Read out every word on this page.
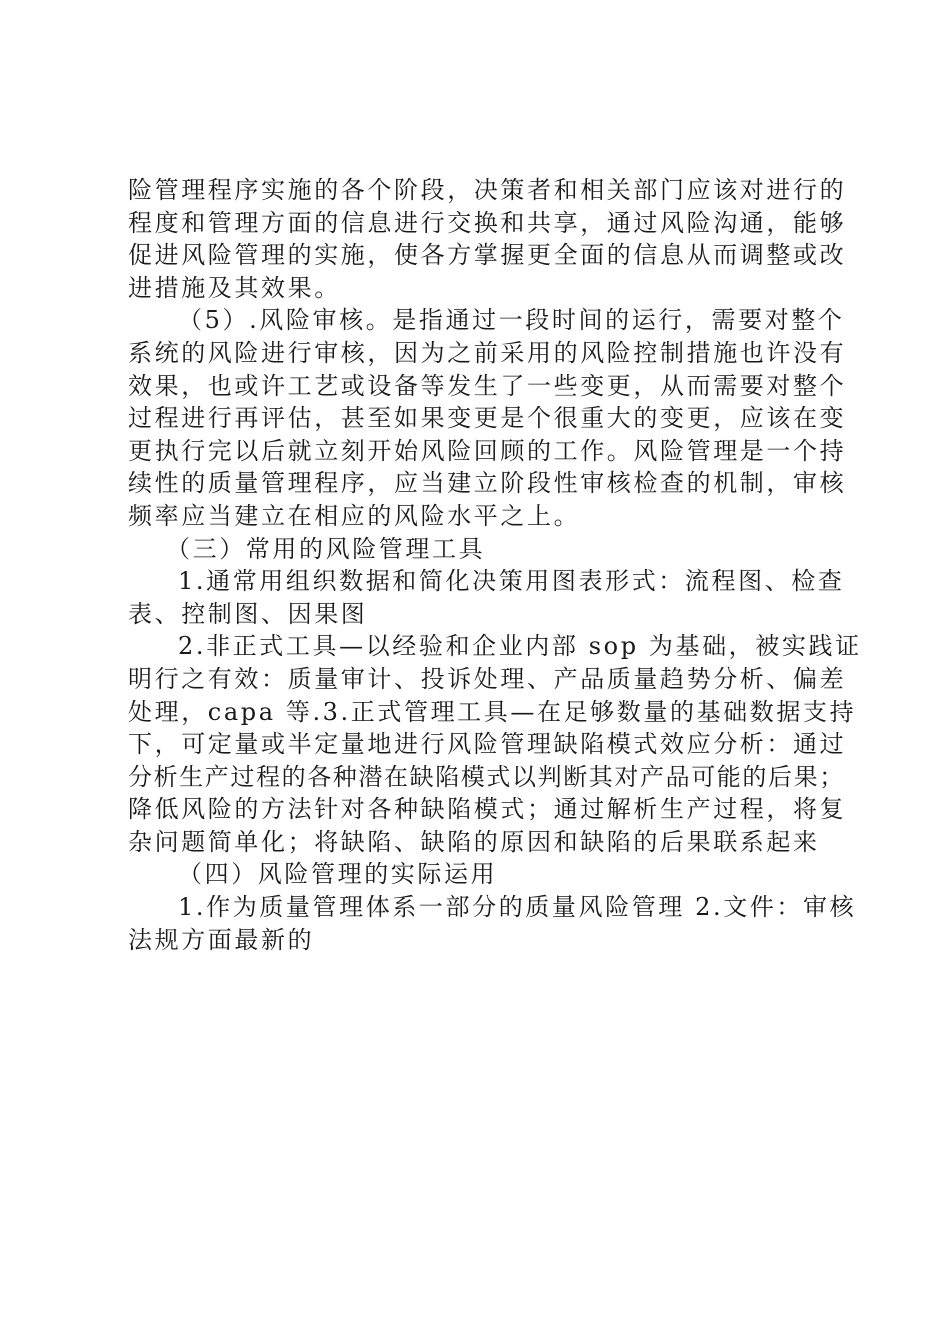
险管理程序实施的各个阶段，决策者和相关部门应该对进行的
程度和管理方面的信息进行交换和共享，通过风险沟通，能够
促进风险管理的实施，使各方掌握更全面的信息从而调整或改
进措施及其效果。

（5）.风险审核。是指通过一段时间的运行，需要对整个
系统的风险进行审核，因为之前采用的风险控制措施也许没有
效果，也或许工艺或设备等发生了一些变更，从而需要对整个
过程进行再评估，甚至如果变更是个很重大的变更，应该在变
更执行完以后就立刻开始风险回顾的工作。风险管理是一个持
续性的质量管理程序，应当建立阶段性审核检查的机制，审核
频率应当建立在相应的风险水平之上。

（三）常用的风险管理工具

1.通常用组织数据和简化决策用图表形式：流程图、检查
表、控制图、因果图

2.非正式工具—以经验和企业内部 sop 为基础，被实践证
明行之有效：质量审计、投诉处理、产品质量趋势分析、偏差
处理，capa 等.3.正式管理工具—在足够数量的基础数据支持
下，可定量或半定量地进行风险管理缺陷模式效应分析：通过
分析生产过程的各种潜在缺陷模式以判断其对产品可能的后果；
降低风险的方法针对各种缺陷模式；通过解析生产过程，将复
杂问题简单化；将缺陷、缺陷的原因和缺陷的后果联系起来

（四）风险管理的实际运用

1.作为质量管理体系一部分的质量风险管理 2.文件：审核
法规方面最新的
